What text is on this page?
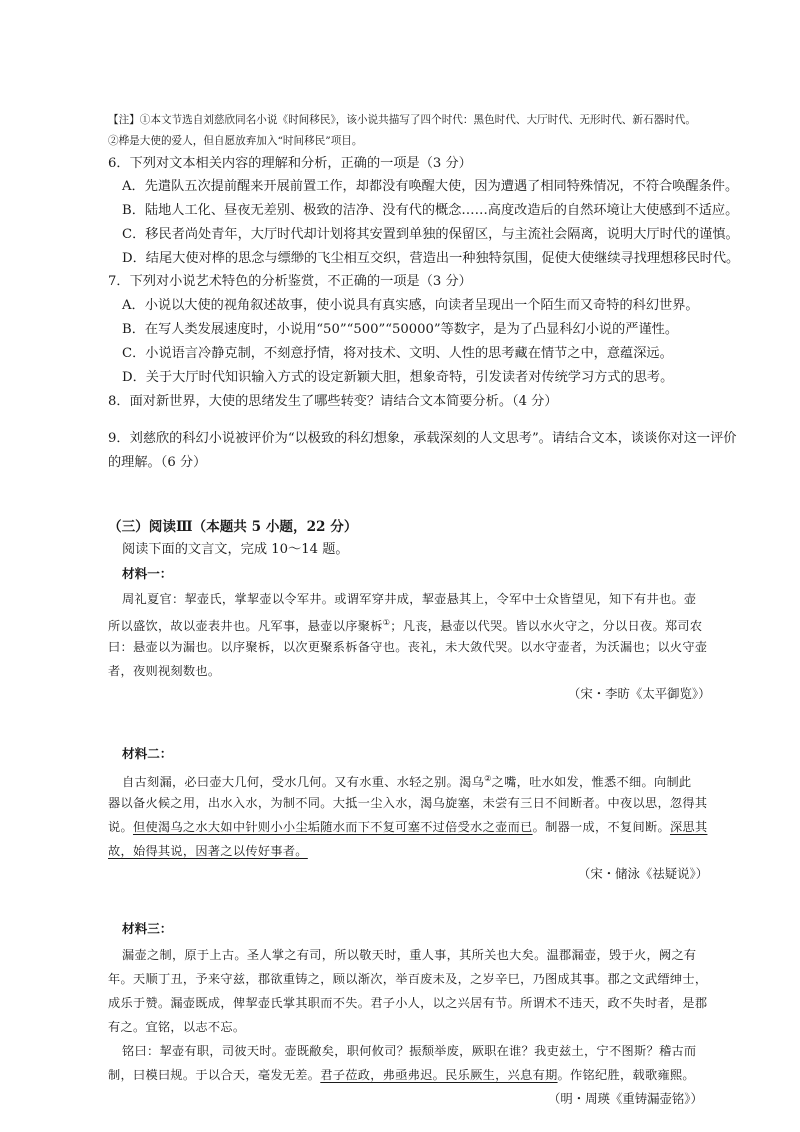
【注】①本文节选自刘慈欣同名小说《时间移民》，该小说共描写了四个时代：黑色时代、大厅时代、无形时代、新石器时代。
②桦是大使的爱人，但自愿放弃加入“时间移民”项目。
6．下列对文本相关内容的理解和分析，正确的一项是（3 分）
A．先遣队五次提前醒来开展前置工作，却都没有唤醒大使，因为遭遇了相同特殊情况，不符合唤醒条件。
B．陆地人工化、昼夜无差别、极致的洁净、没有代的概念……高度改造后的自然环境让大使感到不适应。
C．移民者尚处青年，大厅时代却计划将其安置到单独的保留区，与主流社会隔离，说明大厅时代的谨慎。
D．结尾大使对桦的思念与缥缈的飞尘相互交织，营造出一种独特氛围，促使大使继续寻找理想移民时代。
7．下列对小说艺术特色的分析鉴赏，不正确的一项是（3 分）
A．小说以大使的视角叙述故事，使小说具有真实感，向读者呈现出一个陌生而又奇特的科幻世界。
B．在写人类发展速度时，小说用“50”“500”“50000”等数字，是为了凸显科幻小说的严谨性。
C．小说语言冷静克制，不刻意抒情，将对技术、文明、人性的思考藏在情节之中，意蕴深远。
D．关于大厅时代知识输入方式的设定新颖大胆，想象奇特，引发读者对传统学习方式的思考。
8．面对新世界，大使的思绪发生了哪些转变？请结合文本简要分析。（4 分）
9．刘慈欣的科幻小说被评价为“以极致的科幻想象，承载深刻的人文思考”。请结合文本，谈谈你对这一评价
的理解。（6 分）
（三）阅读Ⅲ（本题共 5 小题，22 分）
阅读下面的文言文，完成 10～14 题。
材料一：
周礼夏官：挈壶氏，掌挈壶以令军井。或谓军穿井成，挈壶悬其上，令军中士众皆望见，知下有井也。壶
所以盛饮，故以壶表井也。凡军事，悬壶以序聚柝①；凡丧，悬壶以代哭。皆以水火守之，分以日夜。郑司农
曰：悬壶以为漏也。以序聚柝，以次更聚系柝备守也。丧礼，未大敛代哭。以水守壶者，为沃漏也；以火守壶
者，夜则视刻数也。
（宋・李昉《太平御览》）
材料二：
自古刻漏，必曰壶大几何，受水几何。又有水重、水轻之别。渴乌②之嘴，吐水如发，惟悉不细。向制此
器以备火候之用，出水入水，为制不同。大抵一尘入水，渴乌旋塞，未尝有三日不间断者。中夜以思，忽得其
说。但使渴乌之水大如中针则小小尘垢随水而下不复可塞不过倍受水之壶而已。制器一成，不复间断。深思其
故，始得其说，因著之以传好事者。
（宋・储泳《祛疑说》）
材料三：
漏壶之制，原于上古。圣人掌之有司，所以敬天时，重人事，其所关也大矣。温郡漏壶，毁于火，阙之有
年。天顺丁丑，予来守兹，郡欲重铸之，顾以渐次，举百废未及，之岁辛巳，乃图成其事。郡之文武缙绅士，
成乐于赞。漏壶既成，俾挈壶氏掌其职而不失。君子小人，以之兴居有节。所谓术不违天，政不失时者，是郡
有之。宜铭，以志不忘。
铭曰：挈壶有职，司彼天时。壶既敝矣，职何攸司？振颓举废，厥职在谁？我吏兹土，宁不图斯？稽古而
制，曰模曰规。于以合天，毫发无差。君子莅政，弗亟弗迟。民乐厥生，兴息有期。作铭纪胜，载歌雍熙。
（明・周瑛《重铸漏壶铭》）
